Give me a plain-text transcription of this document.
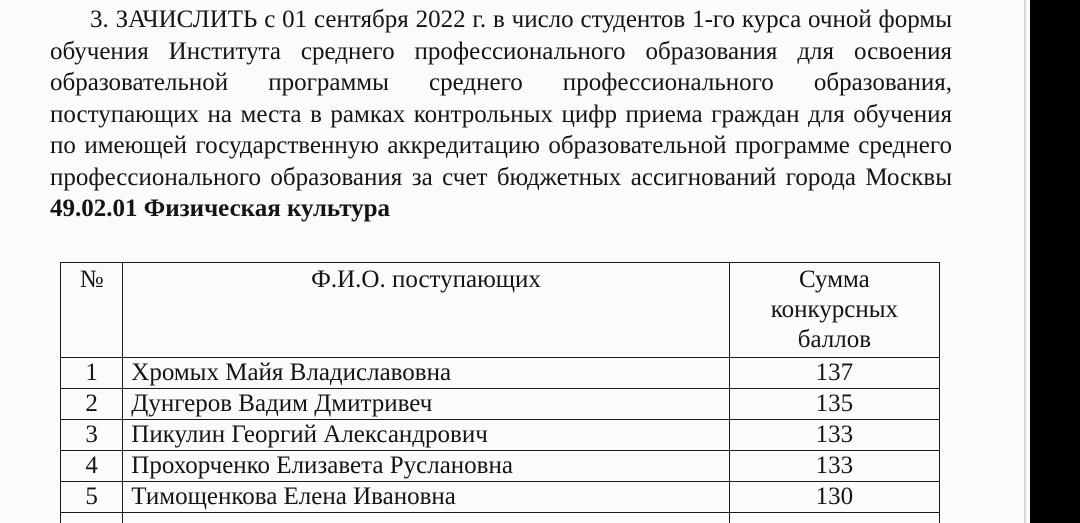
3. ЗАЧИСЛИТЬ с 01 сентября 2022 г. в число студентов 1-го курса очной формы обучения Института среднего профессионального образования для освоения образовательной программы среднего профессионального образования, поступающих на места в рамках контрольных цифр приема граждан для обучения по имеющей государственную аккредитацию образовательной программе среднего профессионального образования за счет бюджетных ассигнований города Москвы 49.02.01 Физическая культура

№	Ф.И.О. поступающих	Сумма конкурсных баллов

1	Хромых Майя Владиславовна	137
2	Дунгеров Вадим Дмитривеч	135
3	Пикулин Георгий Александрович	133
4	Прохорченко Елизавета Руслановна	133
5	Тимощенкова Елена Ивановна	130
